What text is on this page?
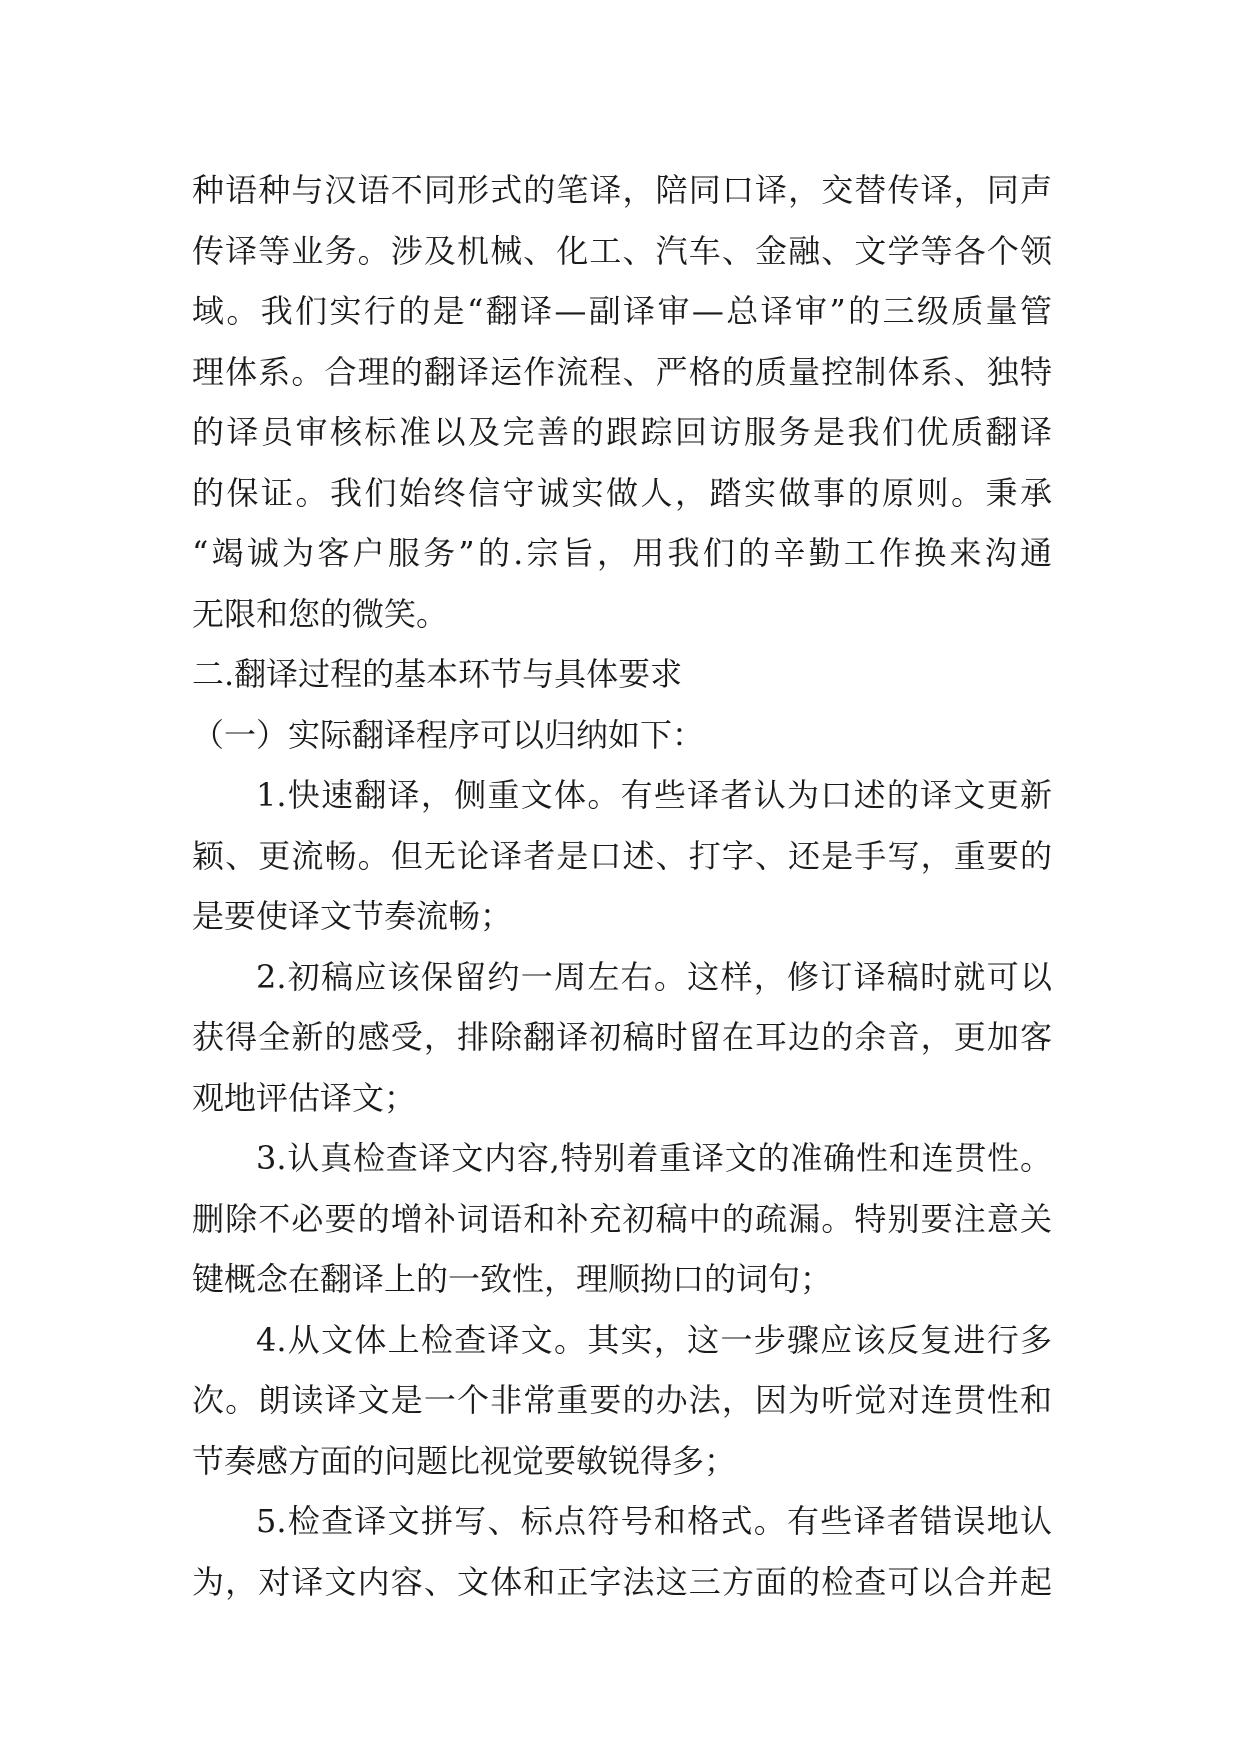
种语种与汉语不同形式的笔译，陪同口译，交替传译，同声
传译等业务。涉及机械、化工、汽车、金融、文学等各个领
域。我们实行的是“翻译—副译审—总译审”的三级质量管
理体系。合理的翻译运作流程、严格的质量控制体系、独特
的译员审核标准以及完善的跟踪回访服务是我们优质翻译
的保证。我们始终信守诚实做人，踏实做事的原则。秉承
“竭诚为客户服务”的.宗旨，用我们的辛勤工作换来沟通
无限和您的微笑。

二.翻译过程的基本环节与具体要求

（一）实际翻译程序可以归纳如下：

1.快速翻译，侧重文体。有些译者认为口述的译文更新
颖、更流畅。但无论译者是口述、打字、还是手写，重要的
是要使译文节奏流畅；

2.初稿应该保留约一周左右。这样，修订译稿时就可以
获得全新的感受，排除翻译初稿时留在耳边的余音，更加客
观地评估译文；

3.认真检查译文内容,特别着重译文的准确性和连贯性。
删除不必要的增补词语和补充初稿中的疏漏。特别要注意关
键概念在翻译上的一致性，理顺拗口的词句；

4.从文体上检查译文。其实，这一步骤应该反复进行多
次。朗读译文是一个非常重要的办法，因为听觉对连贯性和
节奏感方面的问题比视觉要敏锐得多；

5.检查译文拼写、标点符号和格式。有些译者错误地认
为，对译文内容、文体和正字法这三方面的检查可以合并起
